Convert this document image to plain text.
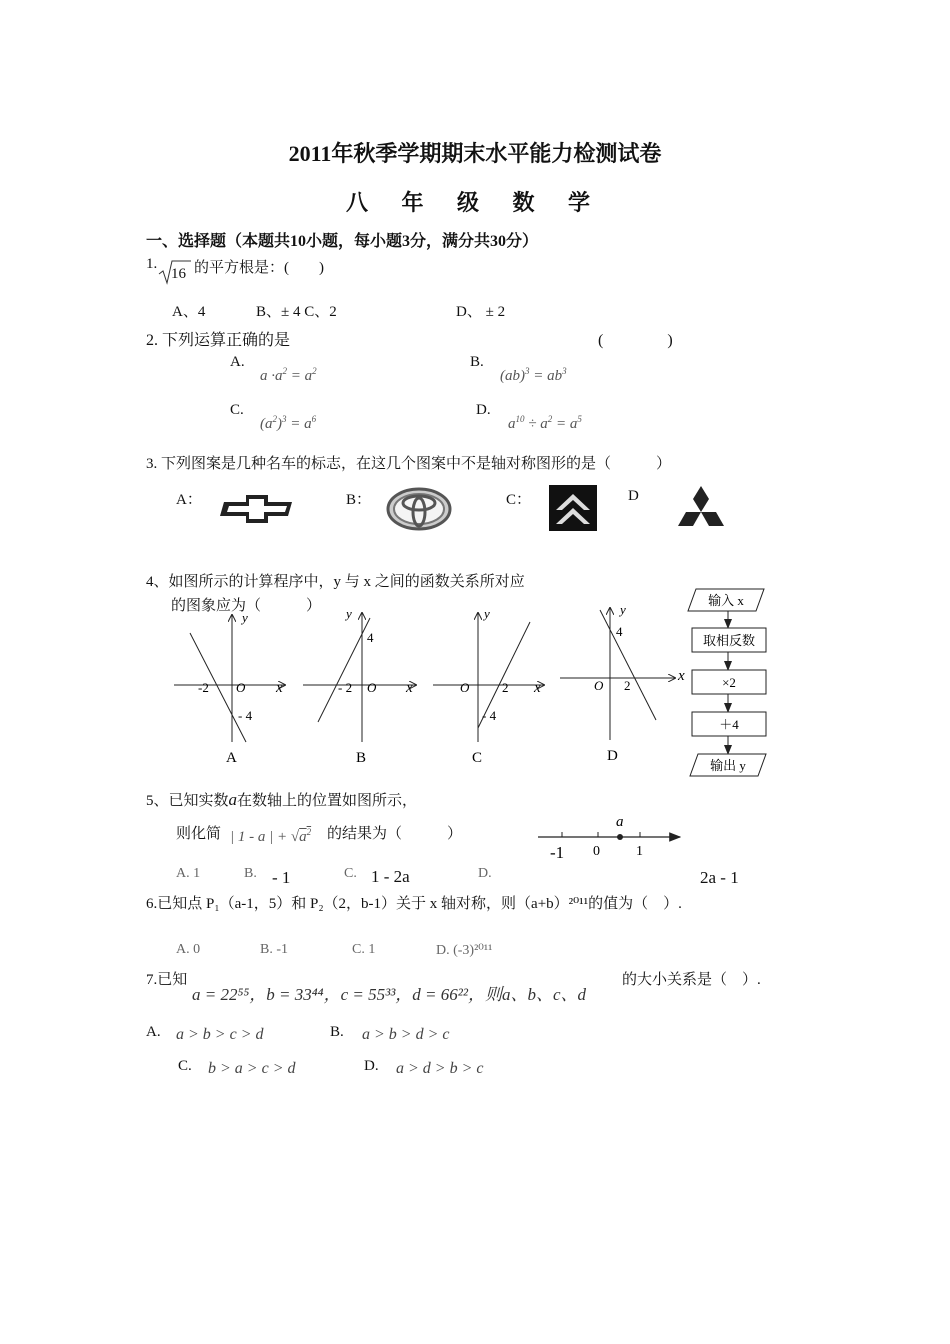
2011年秋季学期期末水平能力检测试卷
八 年 级 数 学
一、选择题（本题共10小题，每小题3分，满分共30分）
1.
16 的平方根是：(　　)
A、4	B、± 4 C、2	D、 ± 2
2. 下列运算正确的是	(　　　　)
A.
$a \cdot a^2 = a^2$
B.
$(ab)^3 = ab^3$
C.
$(a^2)^3 = a^6$
D.
$a^{10} \div a^2 = a^5$
3. 下列图案是几种名车的标志，在这几个图案中不是轴对称图形的是（　　　）
A：	B：	C：	D
4、如图所示的计算程序中，y 与 x 之间的函数关系所对应
的图象应为（　　　）
-2 O x
y
- 4
A
- 2 O x
y
4
B
O	2 x
y
- 4
C
O 2
x
y
4
D
输入 x
取相反数
×2
＋4
输出 y
5、已知实数a在数轴上的位置如图所示，
则化简 | 1 - a | + $√a^2$ 的结果为（　　　）
a
-1 0	1
A. 1	B. - 1	C. 1 - 2a	D.	2a - 1
6.已知点 P₁（a-1，5）和 P₂（2，b-1）关于 x 轴对称，则（a+b）²⁰¹¹的值为（　）.
A. 0	B. -1	C. 1	D. (-3)²⁰¹¹
7.已知
a = 22⁵⁵，b = 33⁴⁴，c = 55³³，d = 66²²，则a、b、c、d
的大小关系是（　）.
A. a > b > c > d	B. a > b > d > c
C. b > a > c > d	D. a > d > b > c
